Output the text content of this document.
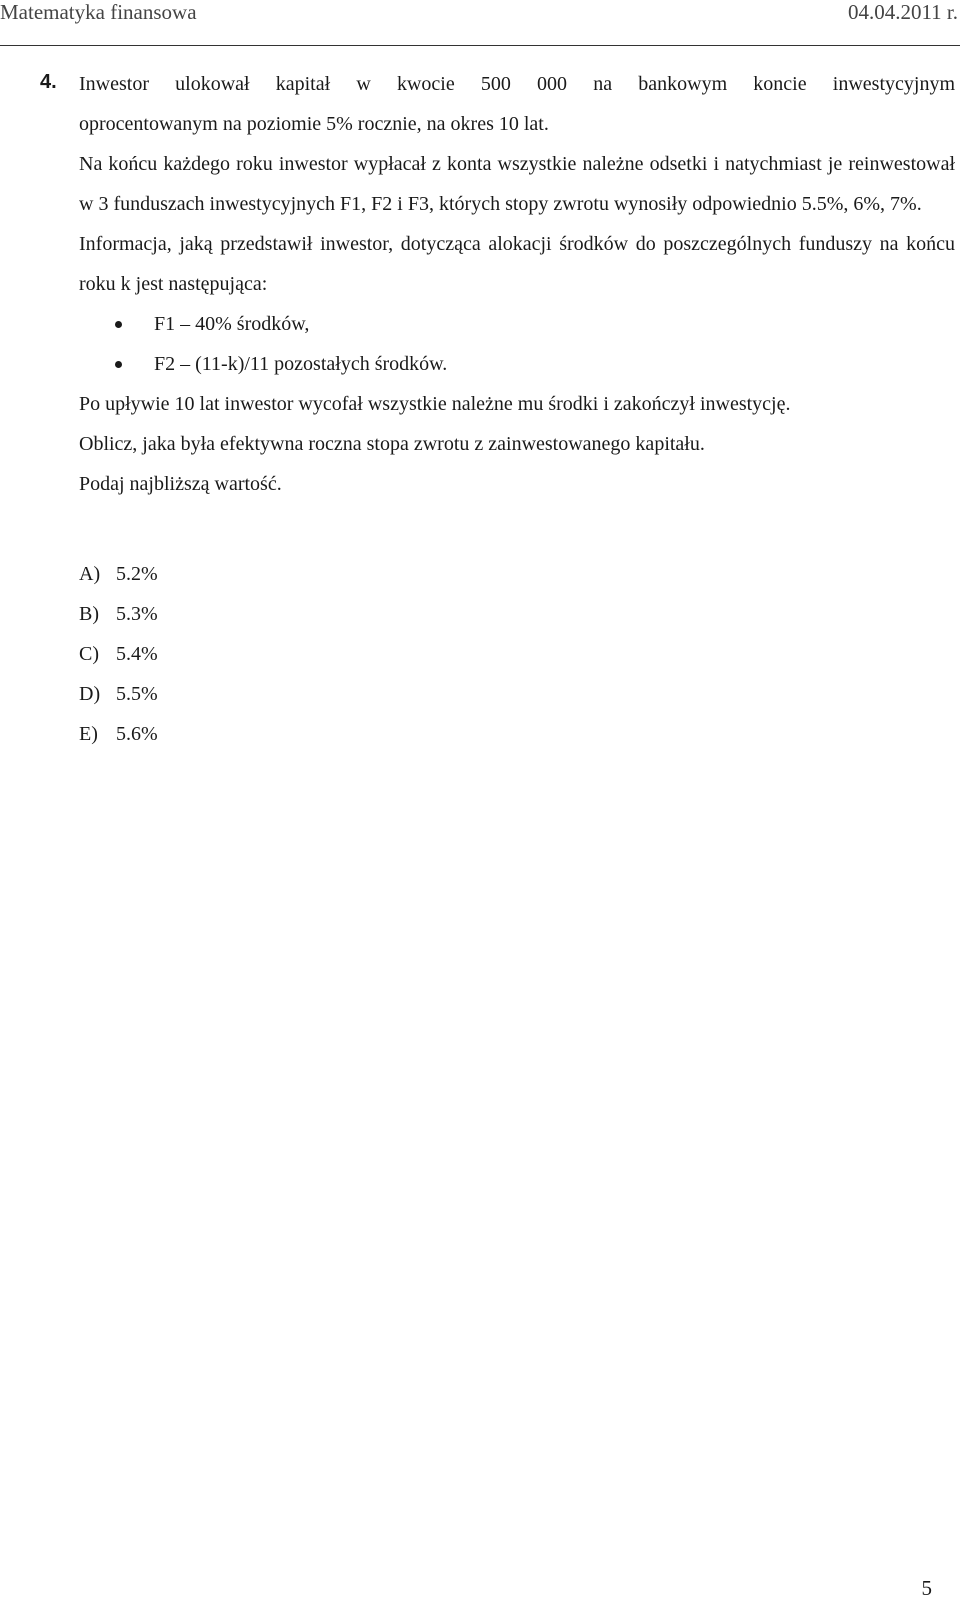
Matematyka finansowa	04.04.2011 r.
4. Inwestor ulokował kapitał w kwocie 500 000 na bankowym koncie inwestycyjnym

oprocentowanym na poziomie 5% rocznie, na okres 10 lat.

Na końcu każdego roku inwestor wypłacał z konta wszystkie należne odsetki i natychmiast je reinwestował w 3 funduszach inwestycyjnych F1, F2 i F3, których stopy zwrotu wynosiły odpowiednio 5.5%, 6%, 7%.

Informacja, jaką przedstawił inwestor, dotycząca alokacji środków do poszczególnych funduszy na końcu roku k jest następująca:

F1 – 40% środków,
F2 – (11-k)/11 pozostałych środków.

Po upływie 10 lat inwestor wycofał wszystkie należne mu środki i zakończył inwestycję.

Oblicz, jaka była efektywna roczna stopa zwrotu z zainwestowanego kapitału.

Podaj najbliższą wartość.

A) 5.2%
B) 5.3%
C) 5.4%
D) 5.5%
E) 5.6%
5
